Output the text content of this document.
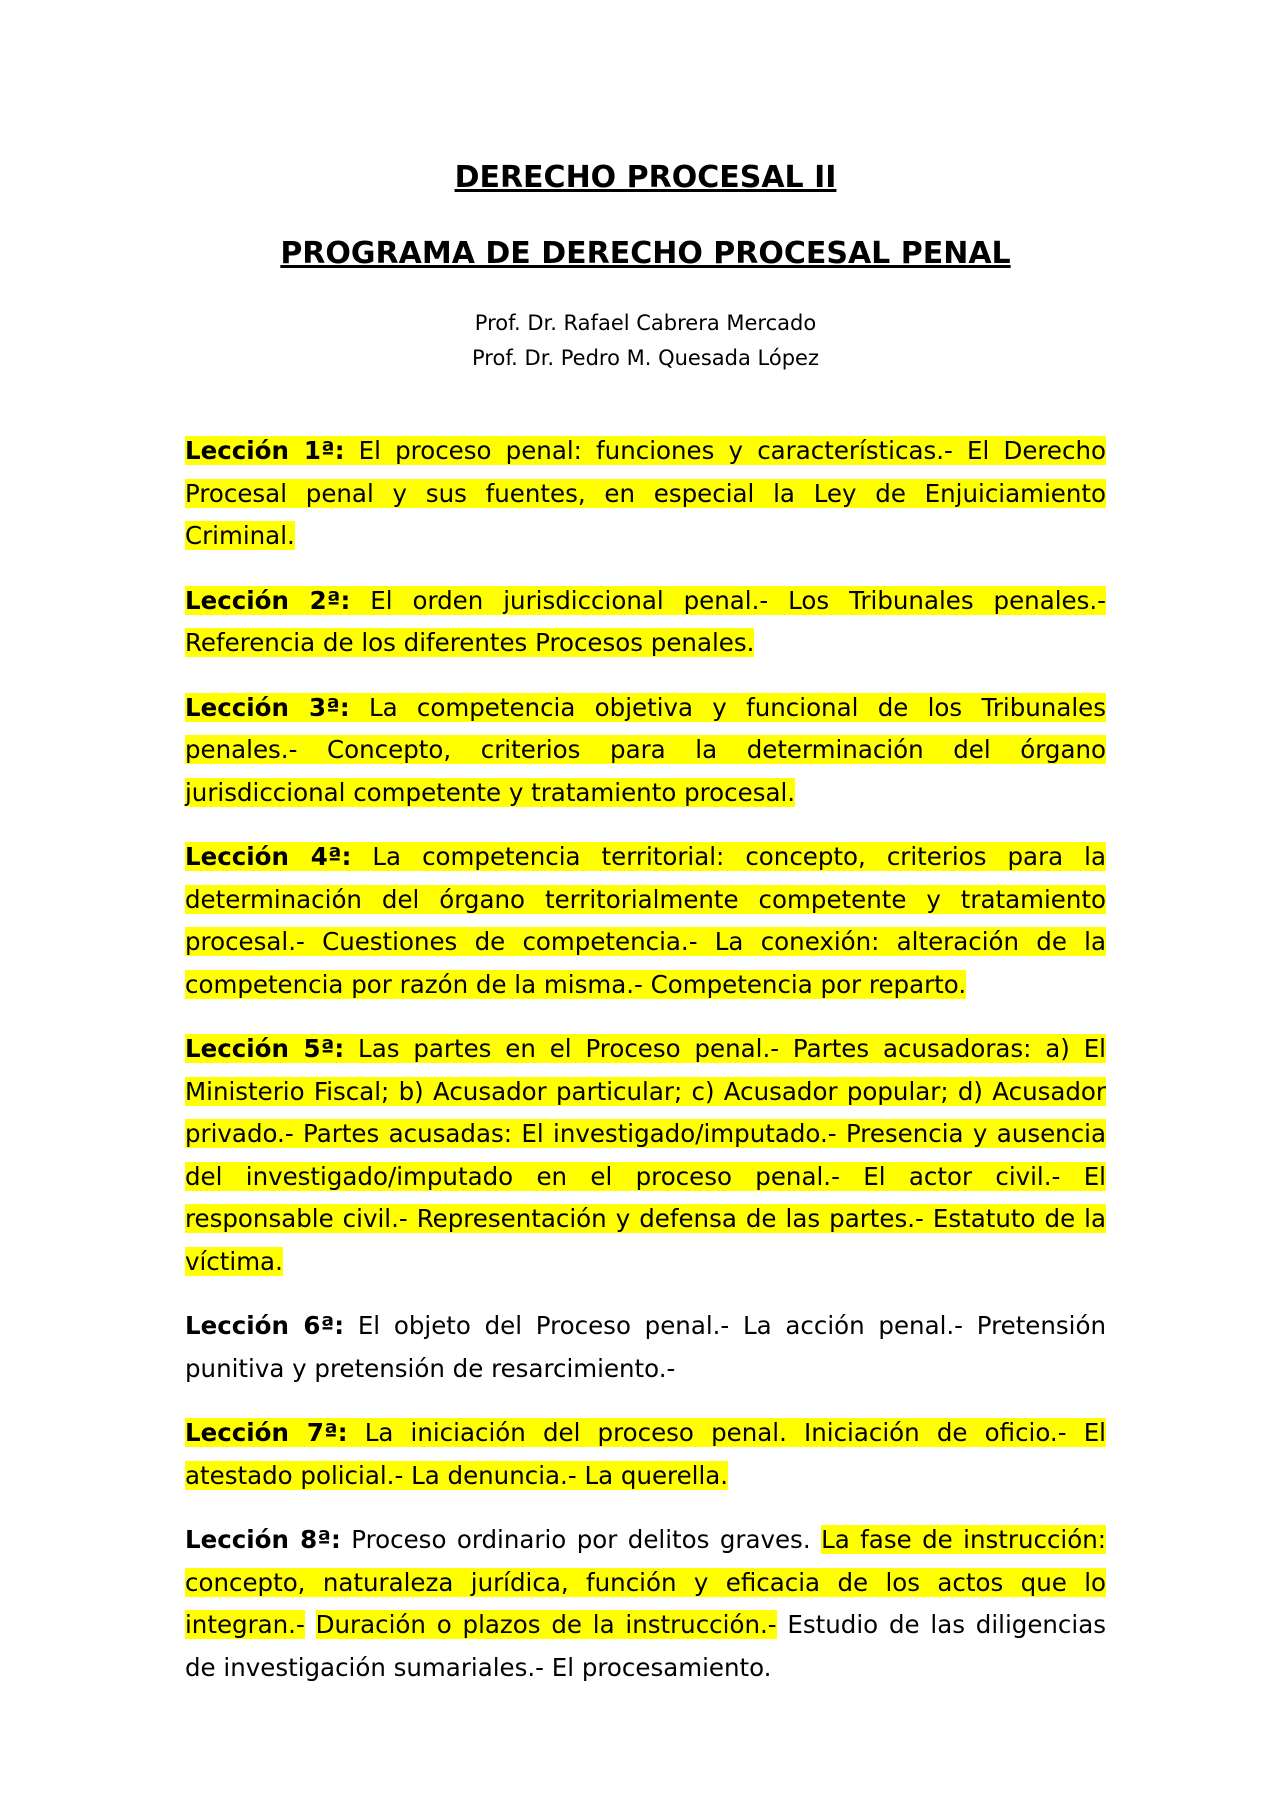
DERECHO PROCESAL II
PROGRAMA DE DERECHO PROCESAL PENAL
Prof. Dr. Rafael Cabrera Mercado
Prof. Dr. Pedro M. Quesada López

Lección 1ª: El proceso penal: funciones y características.- El Derecho Procesal penal y sus fuentes, en especial la Ley de Enjuiciamiento Criminal.

Lección 2ª: El orden jurisdiccional penal.- Los Tribunales penales.- Referencia de los diferentes Procesos penales.

Lección 3ª: La competencia objetiva y funcional de los Tribunales penales.- Concepto, criterios para la determinación del órgano jurisdiccional competente y tratamiento procesal.

Lección 4ª: La competencia territorial: concepto, criterios para la determinación del órgano territorialmente competente y tratamiento procesal.- Cuestiones de competencia.- La conexión: alteración de la competencia por razón de la misma.- Competencia por reparto.

Lección 5ª: Las partes en el Proceso penal.- Partes acusadoras: a) El Ministerio Fiscal; b) Acusador particular; c) Acusador popular; d) Acusador privado.- Partes acusadas: El investigado/imputado.- Presencia y ausencia del investigado/imputado en el proceso penal.- El actor civil.- El responsable civil.- Representación y defensa de las partes.- Estatuto de la víctima.

Lección 6ª: El objeto del Proceso penal.- La acción penal.- Pretensión punitiva y pretensión de resarcimiento.-

Lección 7ª: La iniciación del proceso penal. Iniciación de oficio.- El atestado policial.- La denuncia.- La querella.

Lección 8ª: Proceso ordinario por delitos graves. La fase de instrucción: concepto, naturaleza jurídica, función y eficacia de los actos que lo integran.- Duración o plazos de la instrucción.- Estudio de las diligencias de investigación sumariales.- El procesamiento.
